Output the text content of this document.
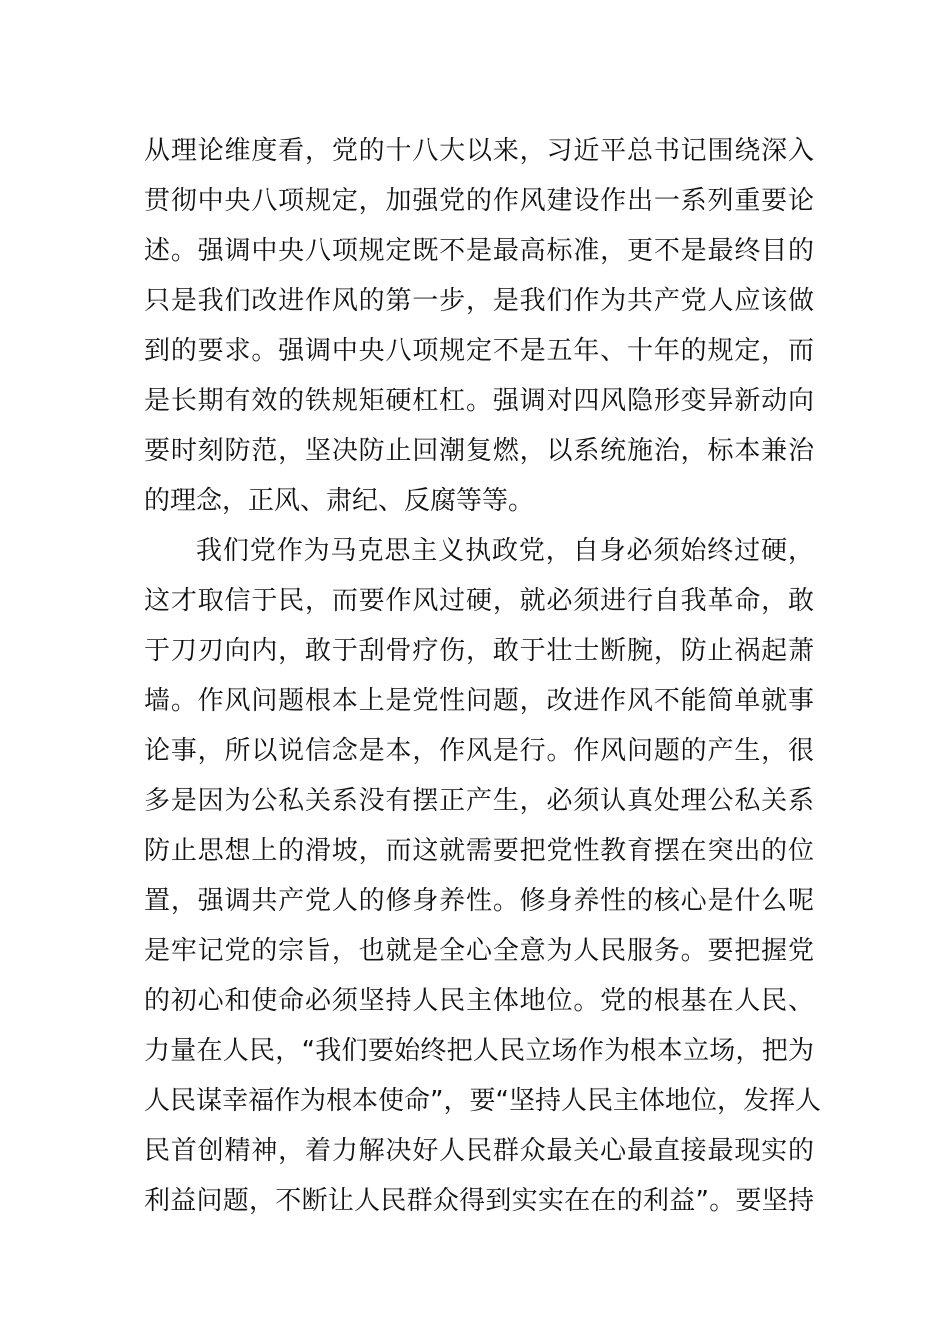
从理论维度看，党的十八大以来，习近平总书记围绕深入
贯彻中央八项规定，加强党的作风建设作出一系列重要论
述。强调中央八项规定既不是最高标准，更不是最终目的
只是我们改进作风的第一步，是我们作为共产党人应该做
到的要求。强调中央八项规定不是五年、十年的规定，而
是长期有效的铁规矩硬杠杠。强调对四风隐形变异新动向
要时刻防范，坚决防止回潮复燃，以系统施治，标本兼治
的理念，正风、肃纪、反腐等等。
我们党作为马克思主义执政党，自身必须始终过硬，
这才取信于民，而要作风过硬，就必须进行自我革命，敢
于刀刃向内，敢于刮骨疗伤，敢于壮士断腕，防止祸起萧
墙。作风问题根本上是党性问题，改进作风不能简单就事
论事，所以说信念是本，作风是行。作风问题的产生，很
多是因为公私关系没有摆正产生，必须认真处理公私关系
防止思想上的滑坡，而这就需要把党性教育摆在突出的位
置，强调共产党人的修身养性。修身养性的核心是什么呢
是牢记党的宗旨，也就是全心全意为人民服务。要把握党
的初心和使命必须坚持人民主体地位。党的根基在人民、
力量在人民，“我们要始终把人民立场作为根本立场，把为
人民谋幸福作为根本使命”，要“坚持人民主体地位，发挥人
民首创精神，着力解决好人民群众最关心最直接最现实的
利益问题，不断让人民群众得到实实在在的利益”。要坚持
